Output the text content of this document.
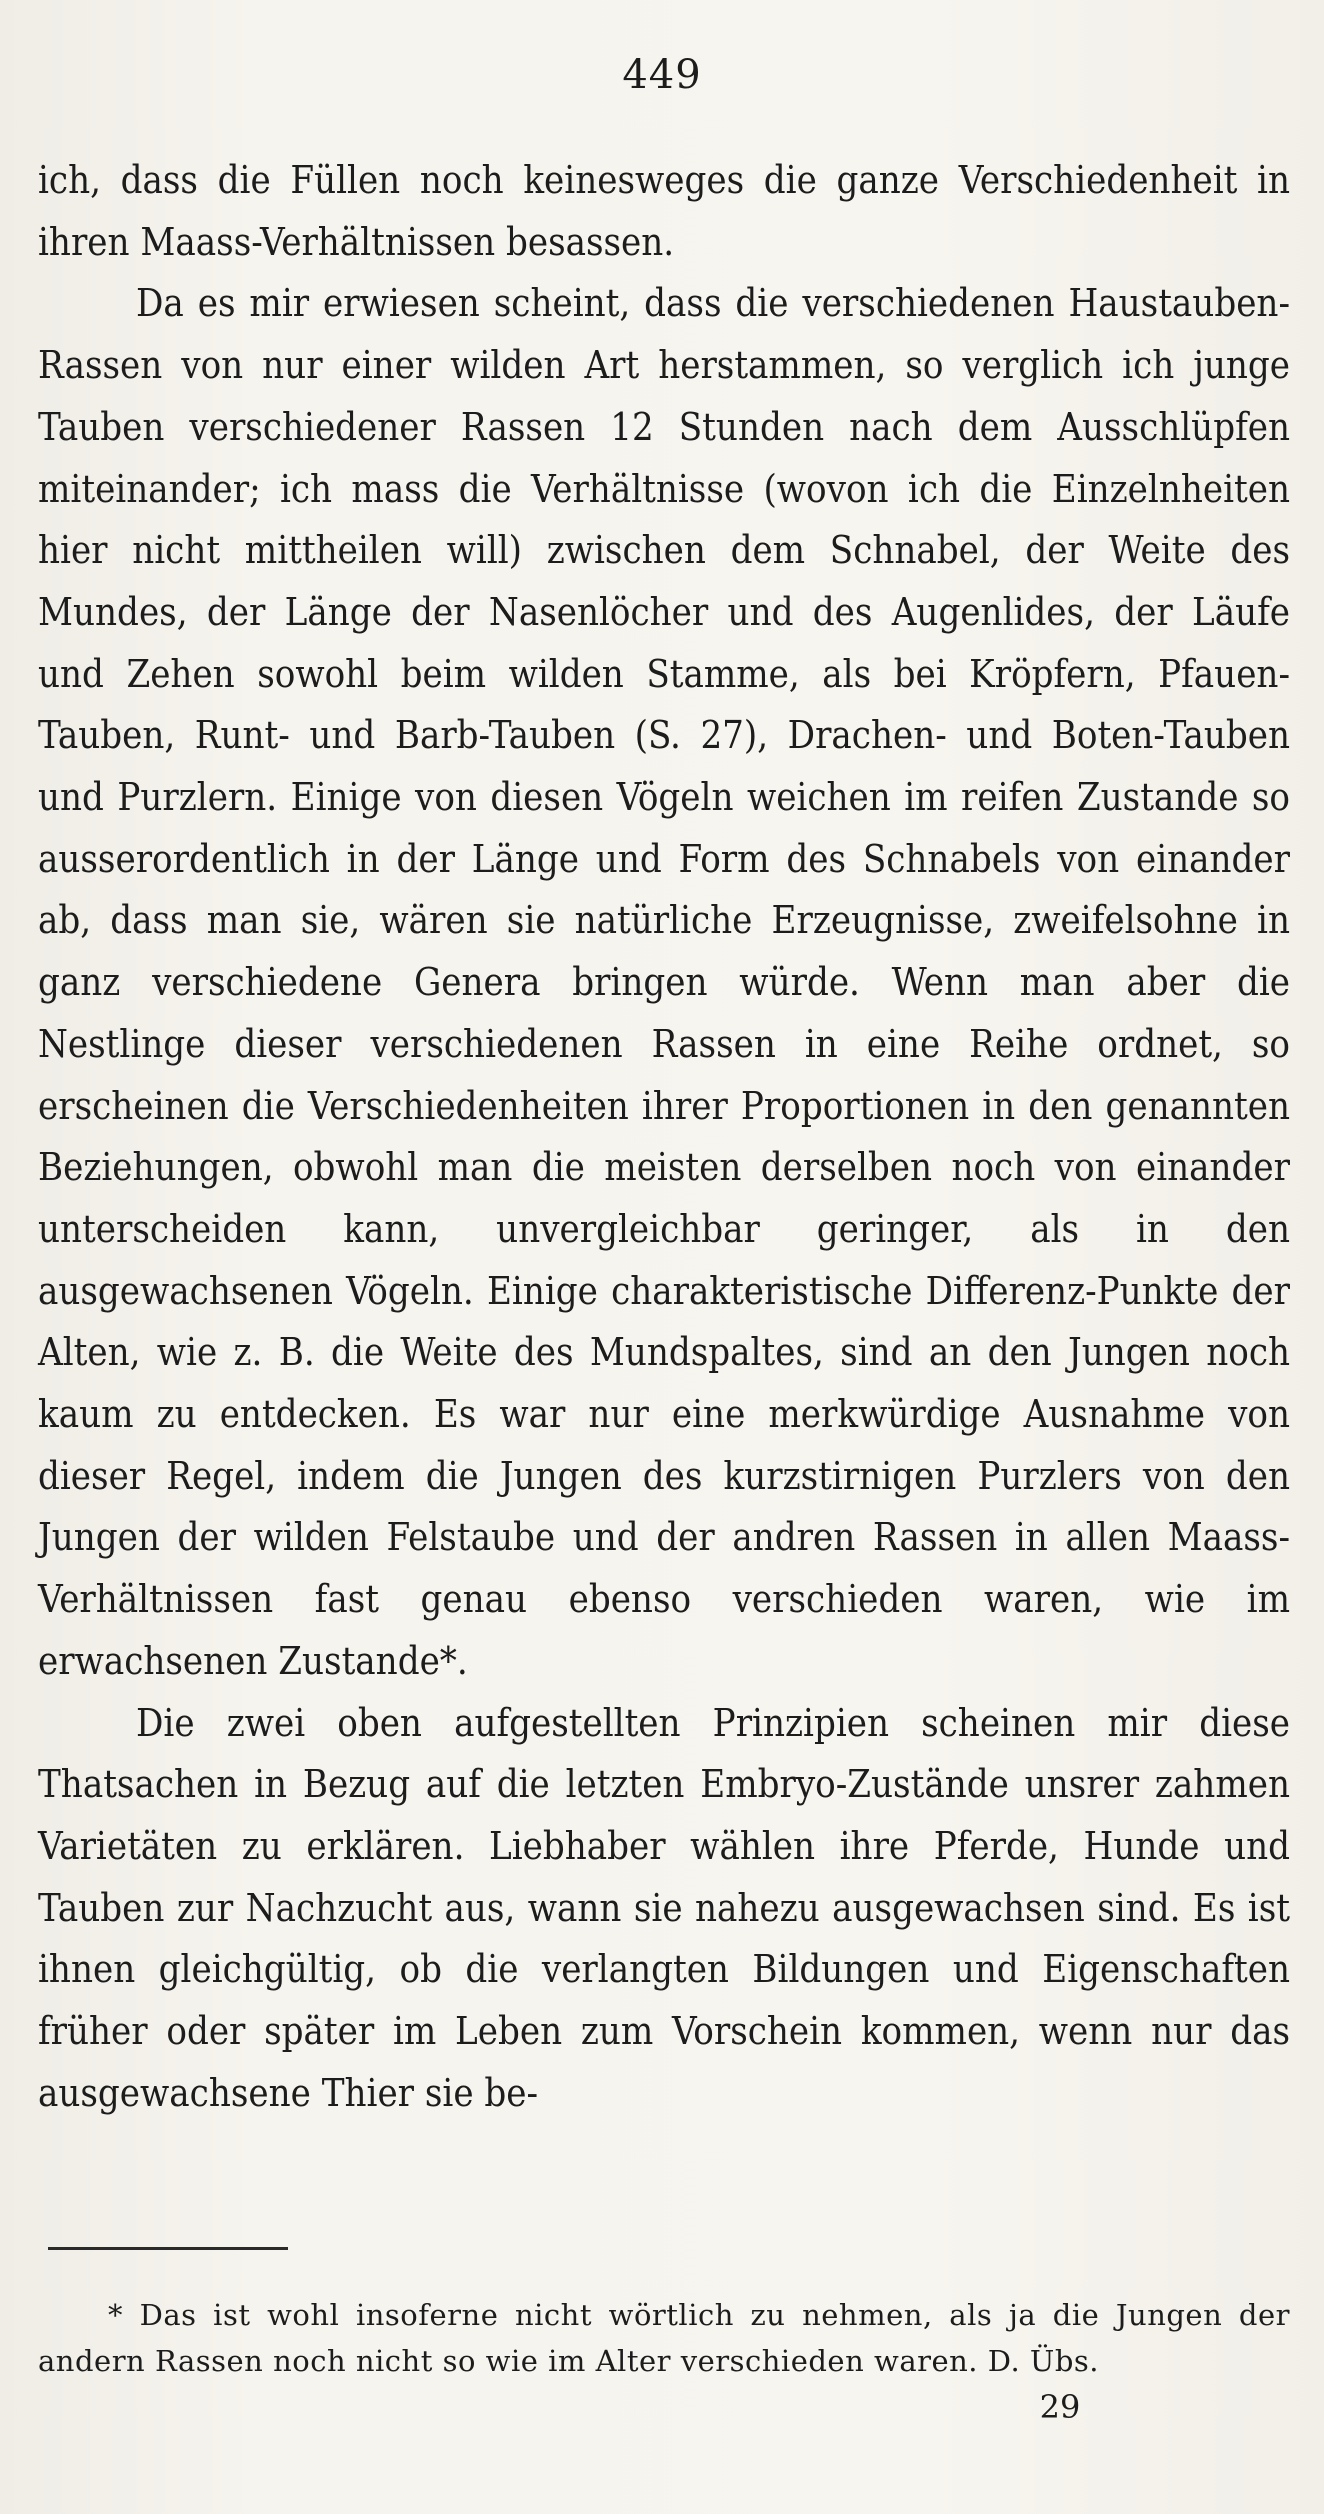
449

ich, dass die Füllen noch keinesweges die ganze Verschiedenheit in ihren Maass-Verhältnissen besassen.

Da es mir erwiesen scheint, dass die verschiedenen Haustauben-Rassen von nur einer wilden Art herstammen, so verglich ich junge Tauben verschiedener Rassen 12 Stunden nach dem Ausschlüpfen miteinander; ich mass die Verhältnisse (wovon ich die Einzelnheiten hier nicht mittheilen will) zwischen dem Schnabel, der Weite des Mundes, der Länge der Nasenlöcher und des Augenlides, der Läufe und Zehen sowohl beim wilden Stamme, als bei Kröpfern, Pfauen-Tauben, Runt- und Barb-Tauben (S. 27), Drachen- und Boten-Tauben und Purzlern. Einige von diesen Vögeln weichen im reifen Zustande so ausserordentlich in der Länge und Form des Schnabels von einander ab, dass man sie, wären sie natürliche Erzeugnisse, zweifelsohne in ganz verschiedene Genera bringen würde. Wenn man aber die Nestlinge dieser verschiedenen Rassen in eine Reihe ordnet, so erscheinen die Verschiedenheiten ihrer Proportionen in den genannten Beziehungen, obwohl man die meisten derselben noch von einander unterscheiden kann, unvergleichbar geringer, als in den ausgewachsenen Vögeln. Einige charakteristische Differenz-Punkte der Alten, wie z. B. die Weite des Mundspaltes, sind an den Jungen noch kaum zu entdecken. Es war nur eine merkwürdige Ausnahme von dieser Regel, indem die Jungen des kurzstirnigen Purzlers von den Jungen der wilden Felstaube und der andren Rassen in allen Maass-Verhältnissen fast genau ebenso verschieden waren, wie im erwachsenen Zustande*.

Die zwei oben aufgestellten Prinzipien scheinen mir diese Thatsachen in Bezug auf die letzten Embryo-Zustände unsrer zahmen Varietäten zu erklären. Liebhaber wählen ihre Pferde, Hunde und Tauben zur Nachzucht aus, wann sie nahezu ausgewachsen sind. Es ist ihnen gleichgültig, ob die verlangten Bildungen und Eigenschaften früher oder später im Leben zum Vorschein kommen, wenn nur das ausgewachsene Thier sie be-

* Das ist wohl insoferne nicht wörtlich zu nehmen, als ja die Jungen der andern Rassen noch nicht so wie im Alter verschieden waren. D. Übs.

29
